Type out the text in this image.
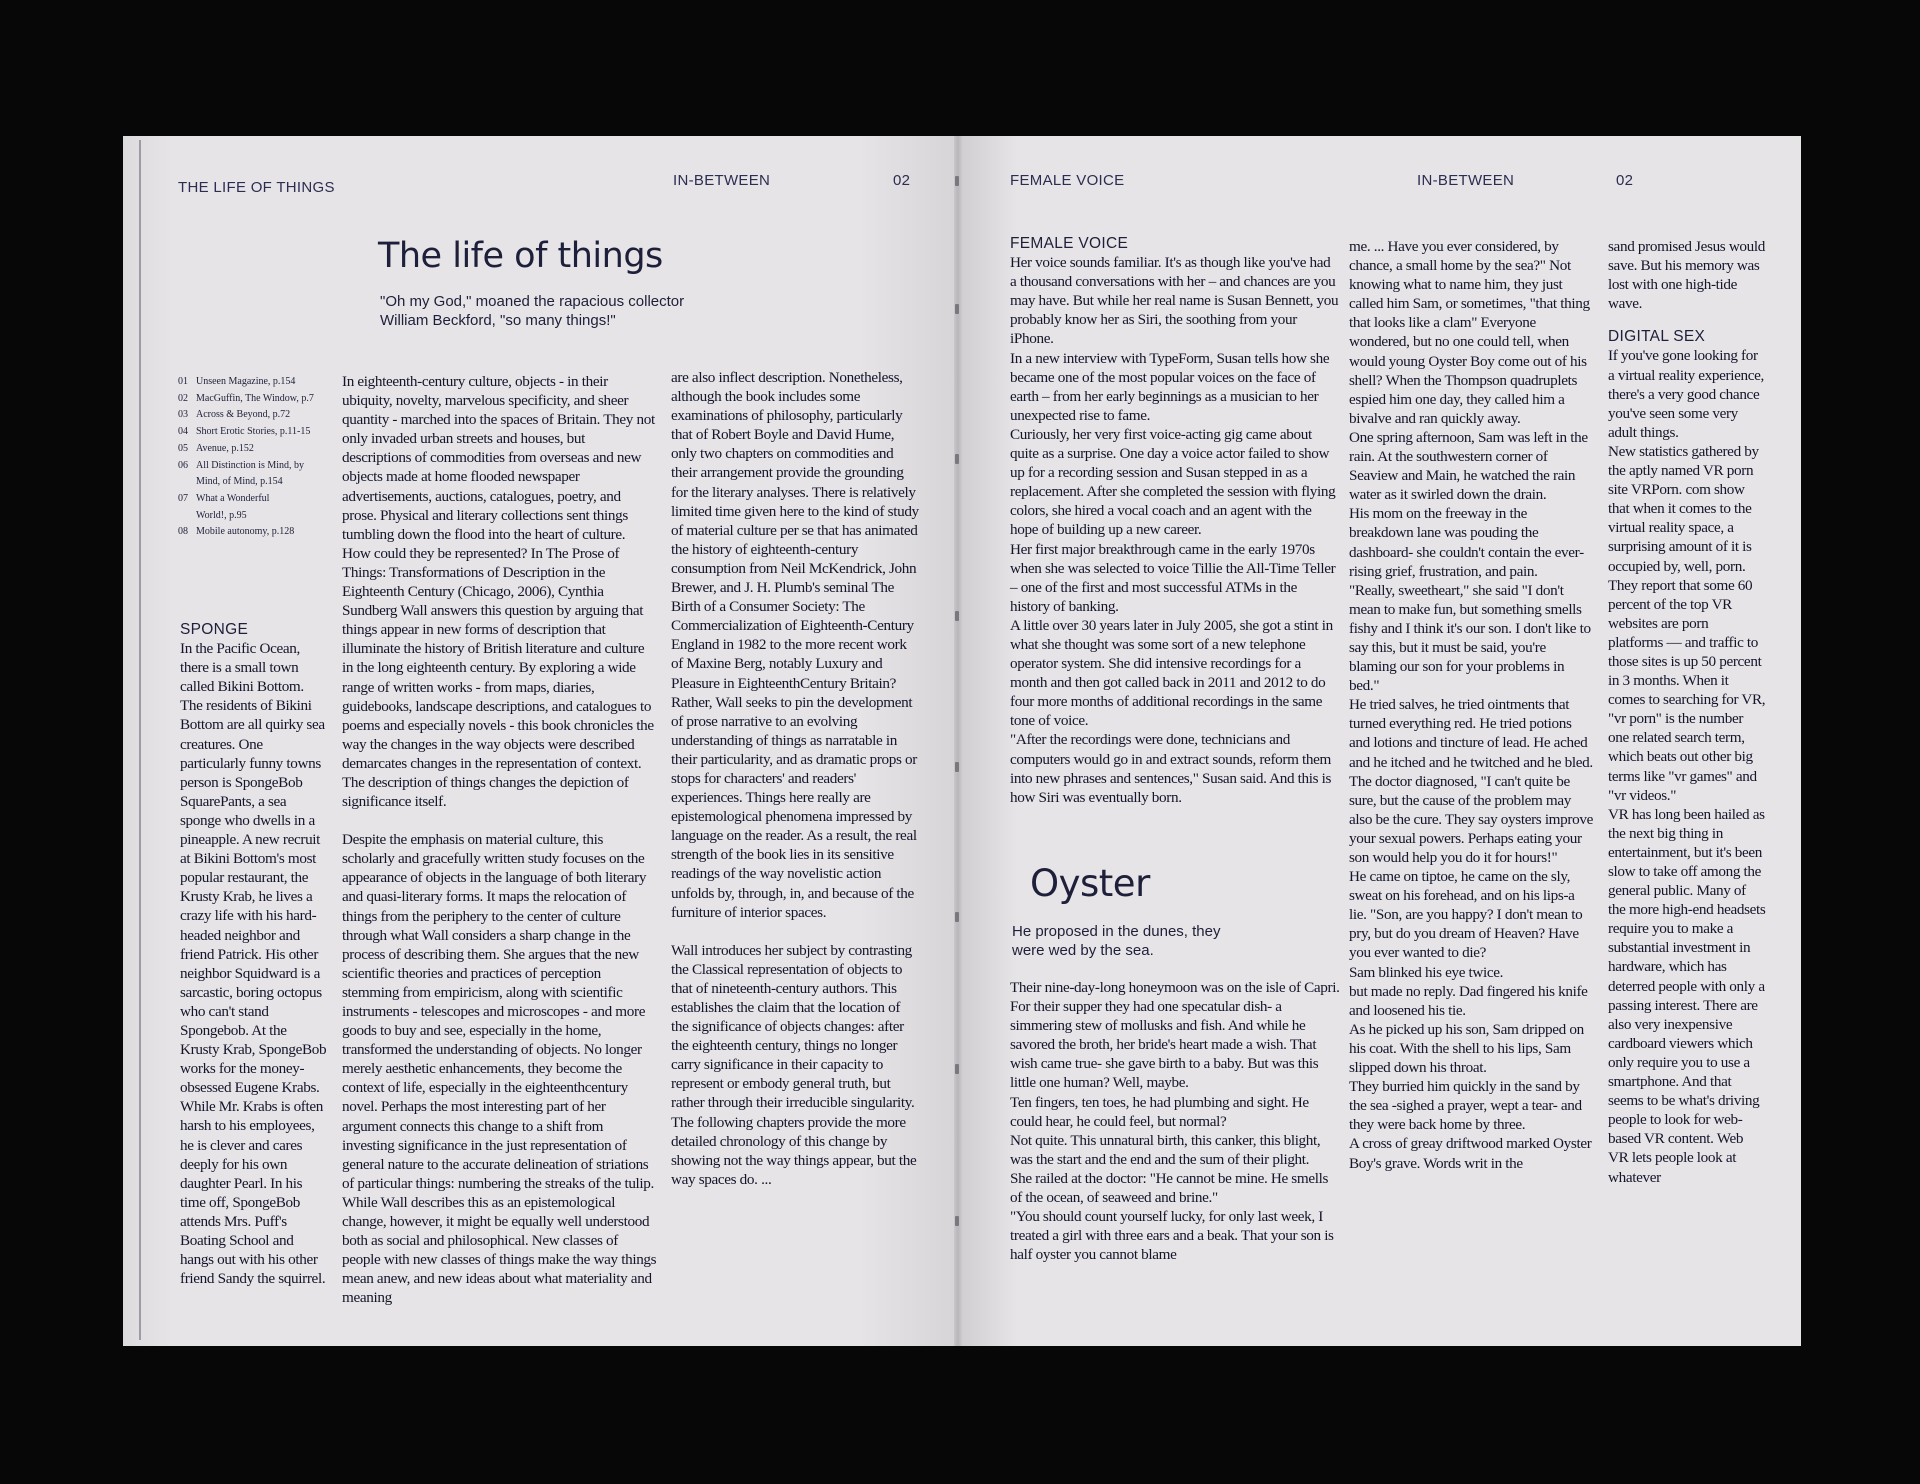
THE LIFE OF THINGS	IN-BETWEEN	02
The life of things
"Oh my God," moaned the rapacious collector
William Beckford, "so many things!"
01 Unseen Magazine, p.154
02 MacGuffin, The Window, p.7
03 Across & Beyond, p.72
04 Short Erotic Stories, p.11-15
05 Avenue, p.152
06 All Distinction is Mind, by
Mind, of Mind, p.154
07 What a Wonderful
World!, p.95
08 Mobile autonomy, p.128
SPONGE

In the Pacific Ocean, there is a small town called Bikini Bottom. The residents of Bikini Bottom are all quirky sea creatures. One particularly funny towns person is SpongeBob SquarePants, a sea sponge who dwells in a pineapple. A new recruit at Bikini Bottom's most popular restaurant, the Krusty Krab, he lives a crazy life with his hard-headed neighbor and friend Patrick. His other neighbor Squidward is a sarcastic, boring octopus who can't stand Spongebob. At the Krusty Krab, SpongeBob works for the money-obsessed Eugene Krabs. While Mr. Krabs is often harsh to his employees, he is clever and cares deeply for his own daughter Pearl. In his time off, SpongeBob attends Mrs. Puff's Boating School and hangs out with his other friend Sandy the squirrel.

In eighteenth-century culture, objects - in their ubiquity, novelty, marvelous specificity, and sheer quantity - marched into the spaces of Britain. They not only invaded urban streets and houses, but descriptions of commodities from overseas and new objects made at home flooded newspaper advertisements, auctions, catalogues, poetry, and prose. Physical and literary collections sent things tumbling down the flood into the heart of culture. How could they be represented? In The Prose of Things: Transformations of Description in the Eighteenth Century (Chicago, 2006), Cynthia Sundberg Wall answers this question by arguing that things appear in new forms of description that illuminate the history of British literature and culture in the long eighteenth century. By exploring a wide range of written works - from maps, diaries, guidebooks, landscape descriptions, and catalogues to poems and especially novels - this book chronicles the way the changes in the way objects were described demarcates changes in the representation of context. The description of things changes the depiction of significance itself.

Despite the emphasis on material culture, this scholarly and gracefully written study focuses on the appearance of objects in the language of both literary and quasi-literary forms. It maps the relocation of things from the periphery to the center of culture through what Wall considers a sharp change in the process of describing them. She argues that the new scientific theories and practices of perception stemming from empiricism, along with scientific instruments - telescopes and microscopes - and more goods to buy and see, especially in the home, transformed the understanding of objects. No longer merely aesthetic enhancements, they become the context of life, especially in the eighteenthcentury novel. Perhaps the most interesting part of her argument connects this change to a shift from investing significance in the just representation of general nature to the accurate delineation of striations of particular things: numbering the streaks of the tulip. While Wall describes this as an epistemological change, however, it might be equally well understood both as social and philosophical. New classes of people with new classes of things make the way things mean anew, and new ideas about what materiality and meaning

are also inflect description. Nonetheless, although the book includes some examinations of philosophy, particularly that of Robert Boyle and David Hume, only two chapters on commodities and their arrangement provide the grounding for the literary analyses. There is relatively limited time given here to the kind of study of material culture per se that has animated the history of eighteenth-century consumption from Neil McKendrick, John Brewer, and J. H. Plumb's seminal The Birth of a Consumer Society: The Commercialization of Eighteenth-Century England in 1982 to the more recent work of Maxine Berg, notably Luxury and Pleasure in EighteenthCentury Britain? Rather, Wall seeks to pin the development of prose narrative to an evolving understanding of things as narratable in their particularity, and as dramatic props or stops for characters' and readers' experiences. Things here really are epistemological phenomena impressed by language on the reader. As a result, the real strength of the book lies in its sensitive readings of the way novelistic action unfolds by, through, in, and because of the furniture of interior spaces.

Wall introduces her subject by contrasting the Classical representation of objects to that of nineteenth-century authors. This establishes the claim that the location of the significance of objects changes: after the eighteenth century, things no longer carry significance in their capacity to represent or embody general truth, but rather through their irreducible singularity. The following chapters provide the more detailed chronology of this change by showing not the way things appear, but the way spaces do. ...

FEMALE VOICE	IN-BETWEEN	02
FEMALE VOICE

Her voice sounds familiar. It's as though like you've had a thousand conversations with her – and chances are you may have. But while her real name is Susan Bennett, you probably know her as Siri, the soothing from your iPhone.

In a new interview with TypeForm, Susan tells how she became one of the most popular voices on the face of earth – from her early beginnings as a musician to her unexpected rise to fame.

Curiously, her very first voice-acting gig came about quite as a surprise. One day a voice actor failed to show up for a recording session and Susan stepped in as a replacement. After she completed the session with flying colors, she hired a vocal coach and an agent with the hope of building up a new career.

Her first major breakthrough came in the early 1970s when she was selected to voice Tillie the All-Time Teller – one of the first and most successful ATMs in the history of banking.

A little over 30 years later in July 2005, she got a stint in what she thought was some sort of a new telephone operator system. She did intensive recordings for a month and then got called back in 2011 and 2012 to do four more months of additional recordings in the same tone of voice.

"After the recordings were done, technicians and computers would go in and extract sounds, reform them into new phrases and sentences," Susan said. And this is how Siri was eventually born.

Oyster
He proposed in the dunes, they
were wed by the sea.

Their nine-day-long honeymoon was on the isle of Capri. For their supper they had one specatular dish- a simmering stew of mollusks and fish. And while he savored the broth, her bride's heart made a wish. That wish came true- she gave birth to a baby. But was this little one human? Well, maybe.

Ten fingers, ten toes, he had plumbing and sight. He could hear, he could feel, but normal?

Not quite. This unnatural birth, this canker, this blight, was the start and the end and the sum of their plight.

She railed at the doctor: "He cannot be mine. He smells of the ocean, of seaweed and brine."

"You should count yourself lucky, for only last week, I treated a girl with three ears and a beak. That your son is half oyster you cannot blame

me. ... Have you ever considered, by chance, a small home by the sea?" Not knowing what to name him, they just called him Sam, or sometimes, "that thing that looks like a clam" Everyone wondered, but no one could tell, when would young Oyster Boy come out of his shell? When the Thompson quadruplets espied him one day, they called him a bivalve and ran quickly away.

One spring afternoon, Sam was left in the rain. At the southwestern corner of Seaview and Main, he watched the rain water as it swirled down the drain.

His mom on the freeway in the breakdown lane was pouding the dashboard- she couldn't contain the ever-rising grief, frustration, and pain.

"Really, sweetheart," she said "I don't mean to make fun, but something smells fishy and I think it's our son. I don't like to say this, but it must be said, you're blaming our son for your problems in bed."

He tried salves, he tried ointments that turned everything red. He tried potions and lotions and tincture of lead. He ached and he itched and he twitched and he bled.

The doctor diagnosed, "I can't quite be sure, but the cause of the problem may also be the cure. They say oysters improve your sexual powers. Perhaps eating your son would help you do it for hours!"

He came on tiptoe, he came on the sly, sweat on his forehead, and on his lips-a lie. "Son, are you happy? I don't mean to pry, but do you dream of Heaven? Have you ever wanted to die?

Sam blinked his eye twice.

but made no reply. Dad fingered his knife and loosened his tie.

As he picked up his son, Sam dripped on his coat. With the shell to his lips, Sam slipped down his throat.

They burried him quickly in the sand by the sea -sighed a prayer, wept a tear- and they were back home by three.

A cross of greay driftwood marked Oyster Boy's grave. Words writ in the

sand promised Jesus would save. But his memory was lost with one high-tide wave.

DIGITAL SEX

If you've gone looking for a virtual reality experience, there's a very good chance you've seen some very adult things.

New statistics gathered by the aptly named VR porn site VRPorn. com show that when it comes to the virtual reality space, a surprising amount of it is occupied by, well, porn.

They report that some 60 percent of the top VR websites are porn platforms — and traffic to those sites is up 50 percent in 3 months. When it comes to searching for VR, "vr porn" is the number one related search term, which beats out other big terms like "vr games" and "vr videos."

VR has long been hailed as the next big thing in entertainment, but it's been slow to take off among the general public. Many of the more high-end headsets require you to make a substantial investment in hardware, which has deterred people with only a passing interest. There are also very inexpensive cardboard viewers which only require you to use a smartphone. And that seems to be what's driving people to look for web-based VR content. Web VR lets people look at whatever
